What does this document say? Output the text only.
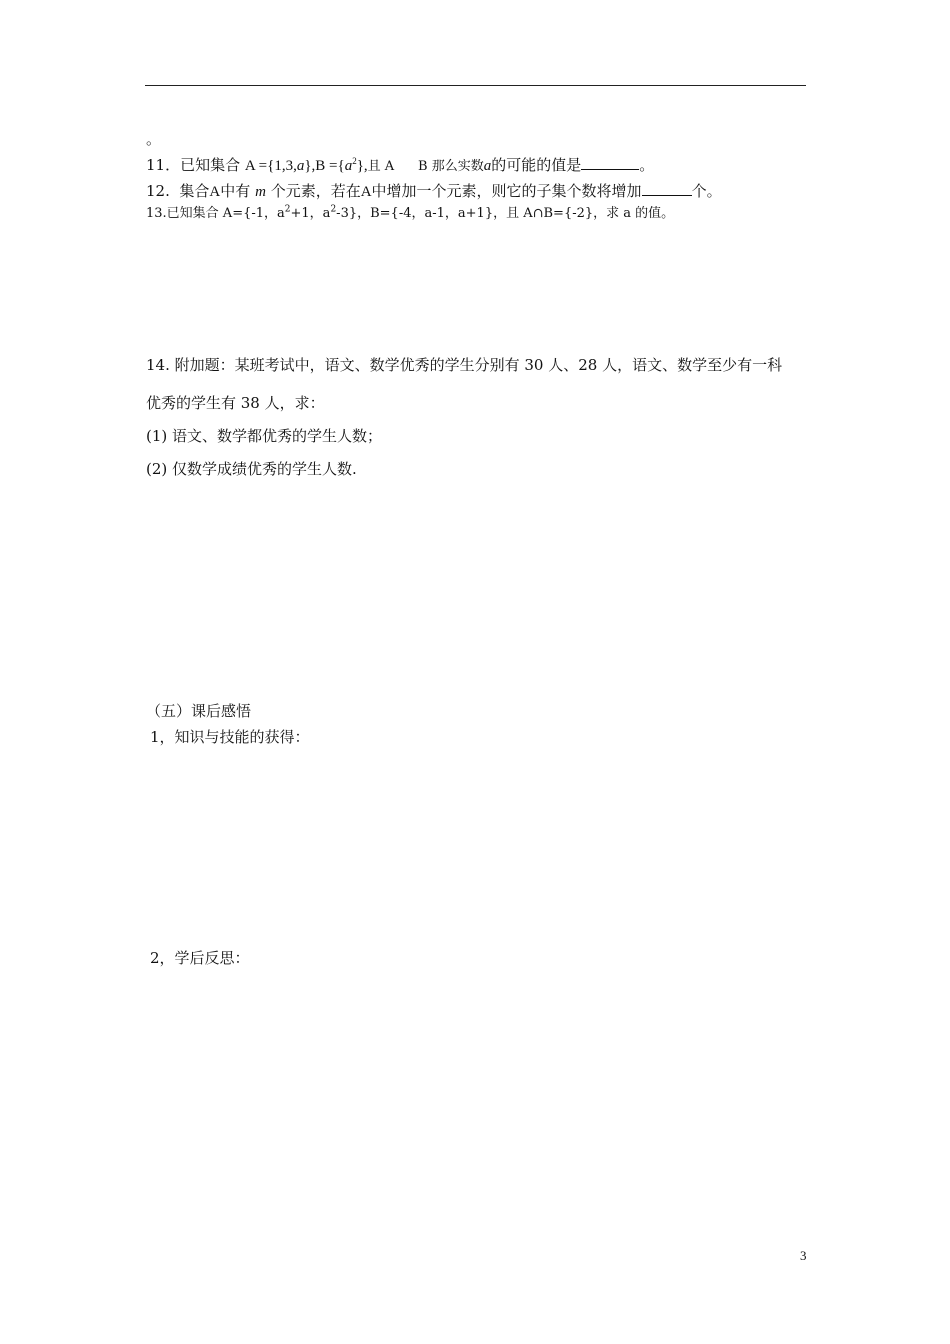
。
11．已知集合 $A =\{1,3,a\},B =\{a^2\}$,且 A B 那么实数a的可能的值是	。
12. 集合A中有 m 个元素，若在A中增加一个元素，则它的子集个数将增加	个。
13.已知集合 A={-1，$a^2+1$，$a^2-3$}，B={-4，a-1，a+1}，且 A∩B={-2}，求 a 的值。
14. 附加题：某班考试中，语文、数学优秀的学生分别有 30 人、28 人，语文、数学至少有一科
优秀的学生有 38 人，求：
(1) 语文、数学都优秀的学生人数；
(2) 仅数学成绩优秀的学生人数.
（五）课后感悟
1，知识与技能的获得：
2，学后反思：
3
